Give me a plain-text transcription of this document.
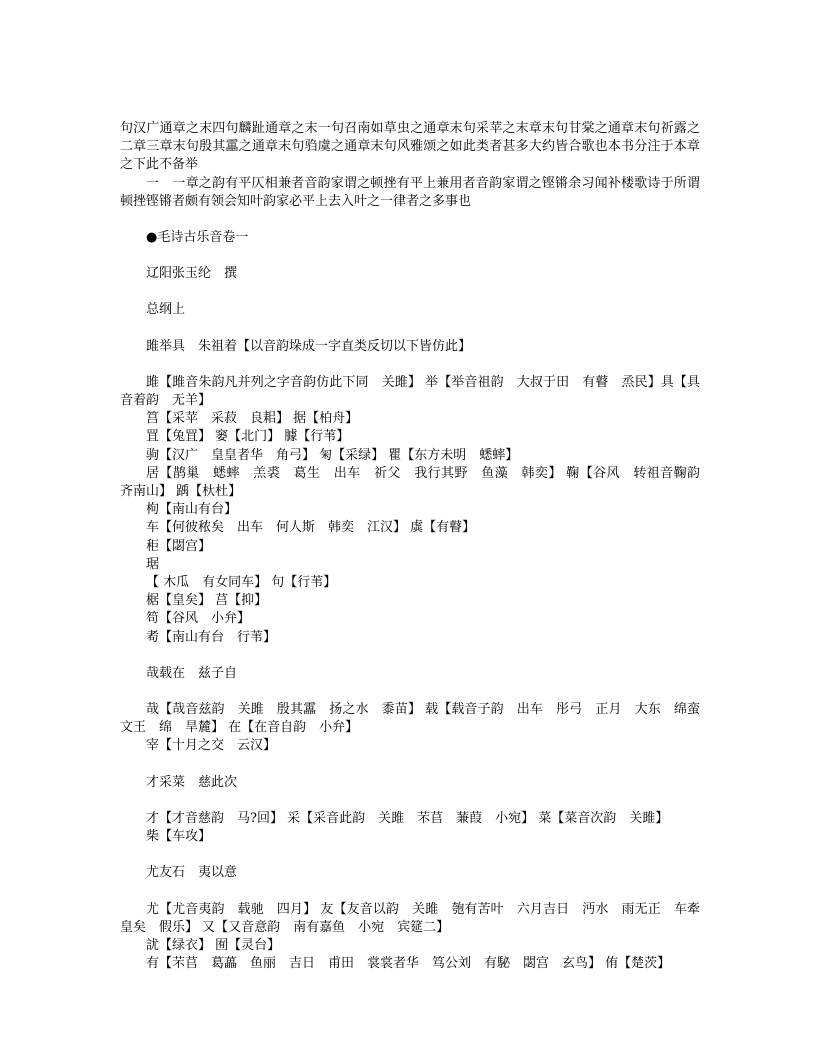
句汉广通章之末四句麟趾通章之末一句召南如草虫之通章末句采苹之末章末句甘棠之通章末句祈露之二章三章末句殷其靁之通章末句驺虞之通章末句风雅颂之如此类者甚多大约皆合歌也本书分注于本章之下此不备举

一　一章之韵有平仄相兼者音韵家谓之顿挫有平上兼用者音韵家谓之铿锵余习闻补楼歌诗于所谓顿挫铿锵者颇有领会知叶韵家必平上去入叶之一律者之多事也

●毛诗古乐音卷一

辽阳张玉纶　撰

总纲上

雎举具　朱祖着【以音韵垛成一字直类反切以下皆仿此】

雎【雎音朱韵凡并列之字音韵仿此下同　关雎】 举【举音祖韵　大叔于田　有瞽　烝民】具【具音着韵　无羊】

筥【采苹　采菽　良耜】 据【柏舟】

罝【兔罝】 窭【北门】 臄【行苇】

驹【汉广　皇皇者华　角弓】 匊【采绿】 瞿【东方未明　蟋蟀】

居【鹊巢　蟋蟀　羔裘　葛生　出车　祈父　我行其野　鱼藻　韩奕】 鞠【谷风　转祖音鞠韵　齐南山】 踽【杕杜】

枸【南山有台】

车【何彼秾矣　出车　何人斯　韩奕　江汉】 虡【有瞽】

秬【閟宫】

琚

【 木瓜　有女同车】 句【行苇】

椐【皇矣】 莒【抑】

笱【谷风　小弁】

耇【南山有台　行苇】

哉载在　兹子自

哉【哉音兹韵　关雎　殷其靁　扬之水　黍苗】 载【载音子韵　出车　彤弓　正月　大东　绵蛮　文王　绵　旱麓】 在【在音自韵　小弁】

宰【十月之交　云汉】

才采菜　慈此次

才【才音慈韵　马?回】 采【采音此韵　关雎　芣苢　蒹葭　小宛】 菜【菜音次韵　关雎】

柴【车攻】

尤友石　夷以意

尤【尤音夷韵　载驰　四月】 友【友音以韵　关雎　匏有苦叶　六月吉日　沔水　雨无正　车牽　皇矣　假乐】 又【又音意韵　南有嘉鱼　小宛　宾筵二】

訧【绿衣】 囿【灵台】

有【芣苢　葛藟　鱼丽　吉日　甫田　裳裳者华　笃公刘　有駜　閟宫　玄鸟】 侑【楚茨】
